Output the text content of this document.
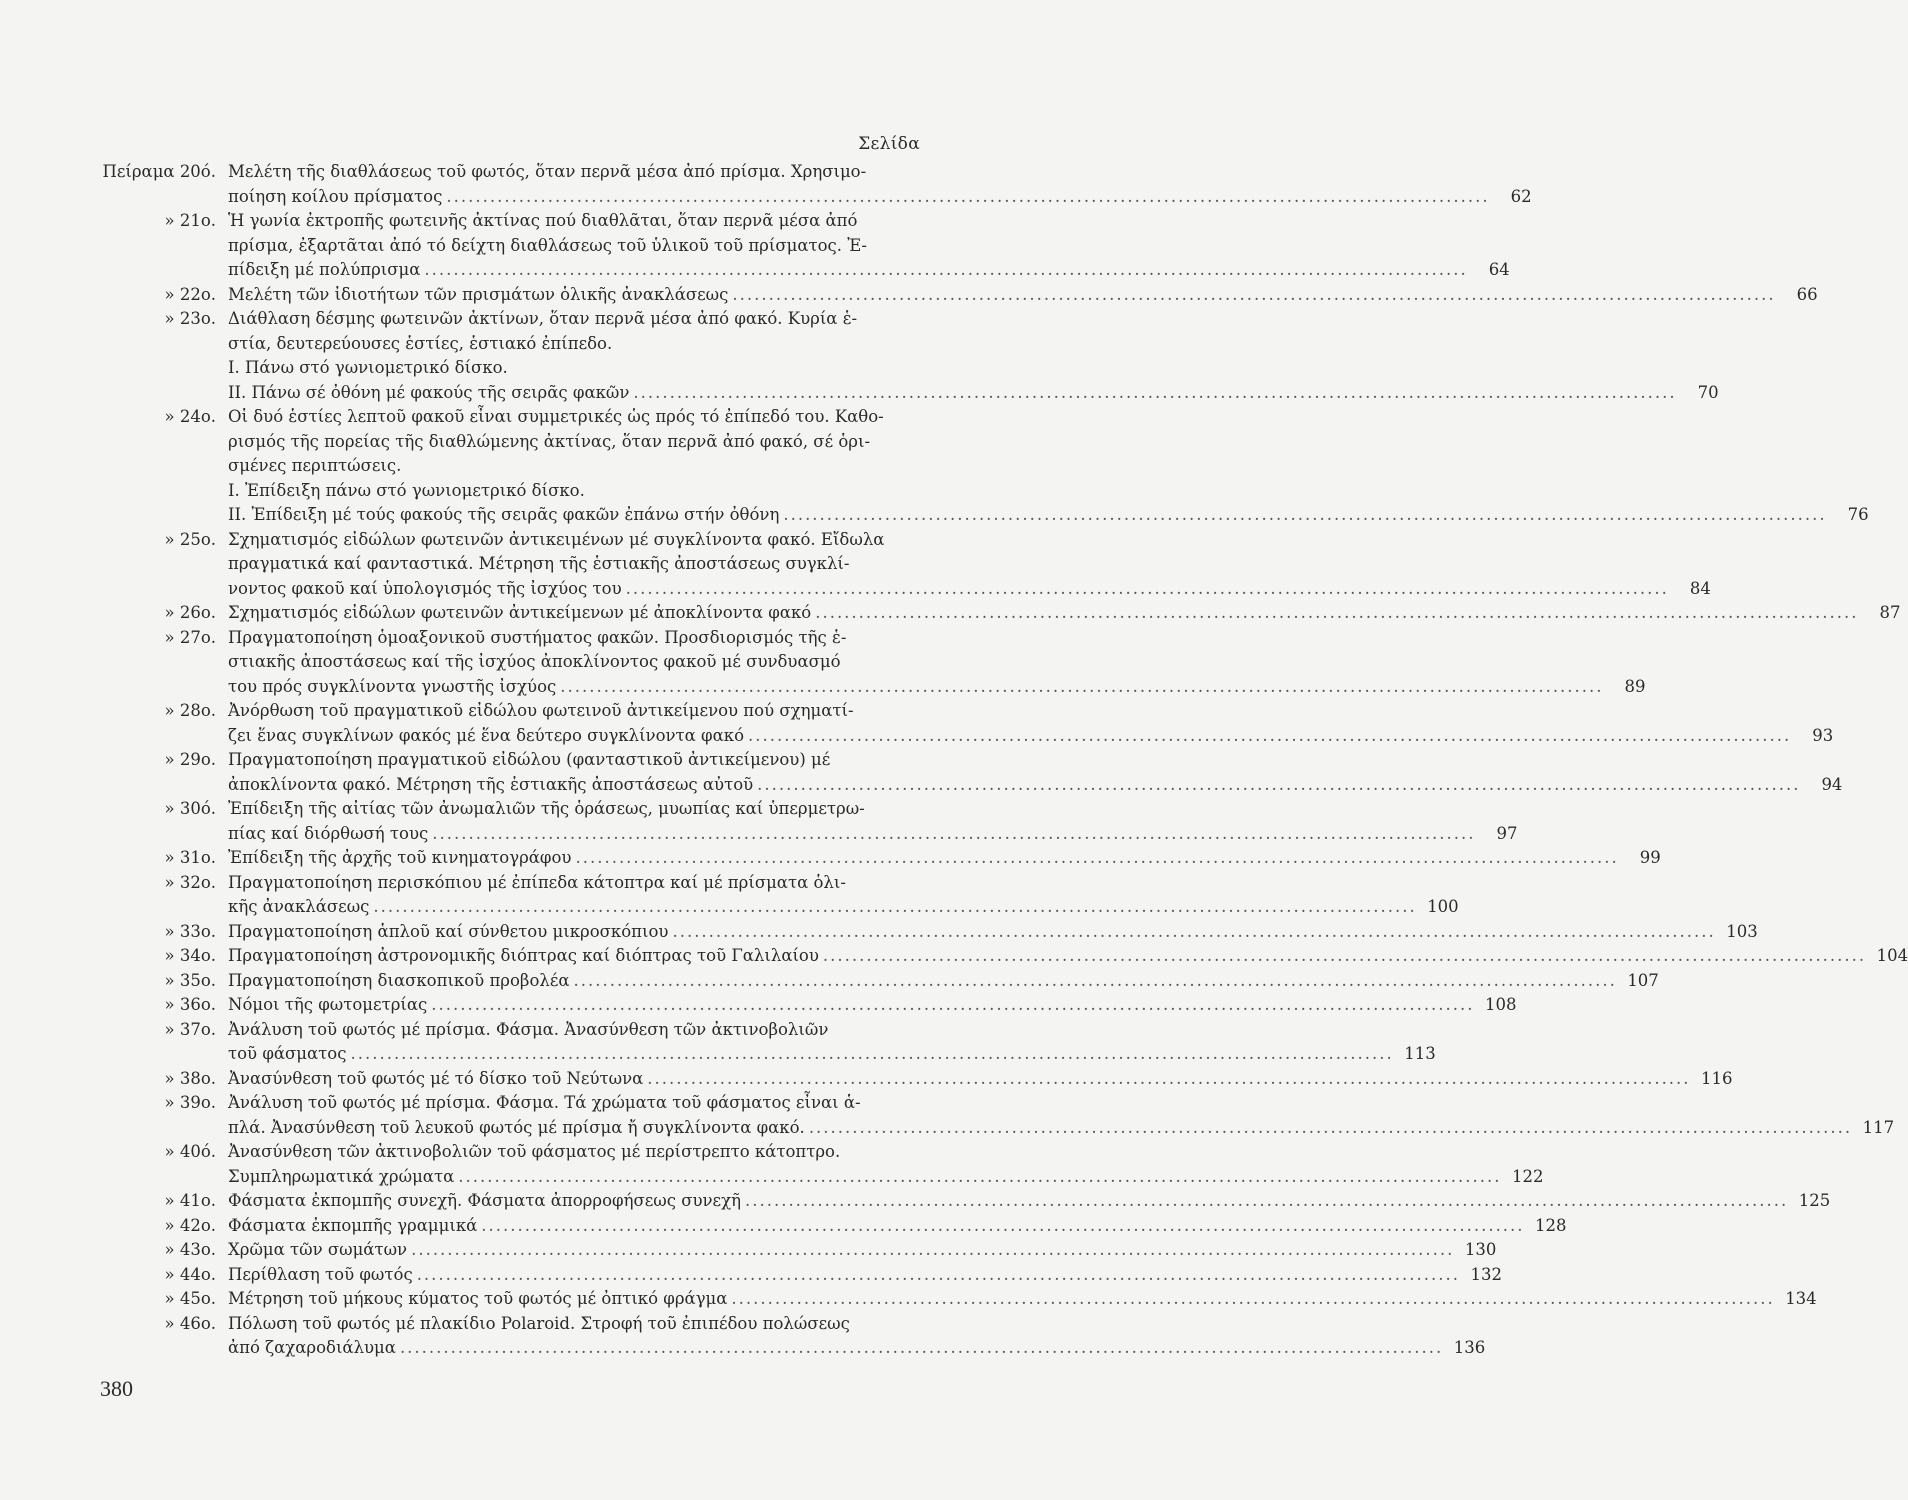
Σελίδα
Πείραμα 20ό. Μελέτη τῆς διαθλάσεως τοῦ φωτός, ὅταν περνᾶ μέσα ἀπό πρίσμα. Χρησιμο-
ποίηση κοίλου πρίσματος .....	62
» 21ο. Ἡ γωνία ἐκτροπῆς φωτεινῆς ἀκτίνας πού διαθλᾶται, ὅταν περνᾶ μέσα ἀπό
πρίσμα, ἐξαρτᾶται ἀπό τό δείχτη διαθλάσεως τοῦ ὑλικοῦ τοῦ πρίσματος. Ἐ-
πίδειξη μέ πολύπρισμα .....	64
» 22ο. Μελέτη τῶν ἰδιοτήτων τῶν πρισμάτων ὁλικῆς ἀνακλάσεως .....	66
» 23ο. Διάθλαση δέσμης φωτεινῶν ἀκτίνων, ὅταν περνᾶ μέσα ἀπό φακό. Κυρία ἑ-
στία, δευτερεύουσες ἑστίες, ἑστιακό ἐπίπεδο.
Ι. Πάνω στό γωνιομετρικό δίσκο.
ΙΙ. Πάνω σέ ὀθόνη μέ φακούς τῆς σειρᾶς φακῶν .....	70
» 24ο. Οἱ δυό ἑστίες λεπτοῦ φακοῦ εἶναι συμμετρικές ὡς πρός τό ἐπίπεδό του. Καθο-
ρισμός τῆς πορείας τῆς διαθλώμενης ἀκτίνας, ὅταν περνᾶ ἀπό φακό, σέ ὁρι-
σμένες περιπτώσεις.
Ι. Ἐπίδειξη πάνω στό γωνιομετρικό δίσκο.
ΙΙ. Ἐπίδειξη μέ τούς φακούς τῆς σειρᾶς φακῶν ἐπάνω στήν ὀθόνη .....	76
» 25ο. Σχηματισμός εἰδώλων φωτεινῶν ἀντικειμένων μέ συγκλίνοντα φακό. Εἴδωλα
πραγματικά καί φανταστικά. Μέτρηση τῆς ἑστιακῆς ἀποστάσεως συγκλί-
νοντος φακοῦ καί ὑπολογισμός τῆς ἰσχύος του .....	84
» 26ο. Σχηματισμός εἰδώλων φωτεινῶν ἀντικείμενων μέ ἀποκλίνοντα φακό .....	87
» 27ο. Πραγματοποίηση ὁμοαξονικοῦ συστήματος φακῶν. Προσδιορισμός τῆς ἑ-
στιακῆς ἀποστάσεως καί τῆς ἰσχύος ἀποκλίνοντος φακοῦ μέ συνδυασμό
του πρός συγκλίνοντα γνωστῆς ἰσχύος .....	89
» 28ο. Ἀνόρθωση τοῦ πραγματικοῦ εἰδώλου φωτεινοῦ ἀντικείμενου πού σχηματί-
ζει ἕνας συγκλίνων φακός μέ ἕνα δεύτερο συγκλίνοντα φακό .....	93
» 29ο. Πραγματοποίηση πραγματικοῦ εἰδώλου (φανταστικοῦ ἀντικείμενου) μέ
ἀποκλίνοντα φακό. Μέτρηση τῆς ἑστιακῆς ἀποστάσεως αὐτοῦ .....	94
» 30ό. Ἐπίδειξη τῆς αἰτίας τῶν ἀνωμαλιῶν τῆς ὁράσεως, μυωπίας καί ὑπερμετρω-
πίας καί διόρθωσή τους .....	97
» 31ο. Ἐπίδειξη τῆς ἀρχῆς τοῦ κινηματογράφου .....	99
» 32ο. Πραγματοποίηση περισκόπιου μέ ἐπίπεδα κάτοπτρα καί μέ πρίσματα ὁλι-
κῆς ἀνακλάσεως .....	100
» 33ο. Πραγματοποίηση ἁπλοῦ καί σύνθετου μικροσκόπιου .....	103
» 34ο. Πραγματοποίηση ἀστρονομικῆς διόπτρας καί διόπτρας τοῦ Γαλιλαίου .....	104
» 35ο. Πραγματοποίηση διασκοπικοῦ προβολέα .....	107
» 36ο. Νόμοι τῆς φωτομετρίας .....	108
» 37ο. Ἀνάλυση τοῦ φωτός μέ πρίσμα. Φάσμα. Ἀνασύνθεση τῶν ἀκτινοβολιῶν
τοῦ φάσματος .....	113
» 38ο. Ἀνασύνθεση τοῦ φωτός μέ τό δίσκο τοῦ Νεύτωνα .....	116
» 39ο. Ἀνάλυση τοῦ φωτός μέ πρίσμα. Φάσμα. Τά χρώματα τοῦ φάσματος εἶναι ἁ-
πλά. Ἀνασύνθεση τοῦ λευκοῦ φωτός μέ πρίσμα ἤ συγκλίνοντα φακό. .....	117
» 40ό. Ἀνασύνθεση τῶν ἀκτινοβολιῶν τοῦ φάσματος μέ περίστρεπτο κάτοπτρο.
Συμπληρωματικά χρώματα .....	122
» 41ο. Φάσματα ἐκπομπῆς συνεχῆ. Φάσματα ἀπορροφήσεως συνεχῆ .....	125
» 42ο. Φάσματα ἐκπομπῆς γραμμικά .....	128
» 43ο. Χρῶμα τῶν σωμάτων .....	130
» 44ο. Περίθλαση τοῦ φωτός .....	132
» 45ο. Μέτρηση τοῦ μήκους κύματος τοῦ φωτός μέ ὀπτικό φράγμα .....	134
» 46ο. Πόλωση τοῦ φωτός μέ πλακίδιο Polaroid. Στροφή τοῦ ἐπιπέδου πολώσεως
ἀπό ζαχαροδιάλυμα .....	136
380
